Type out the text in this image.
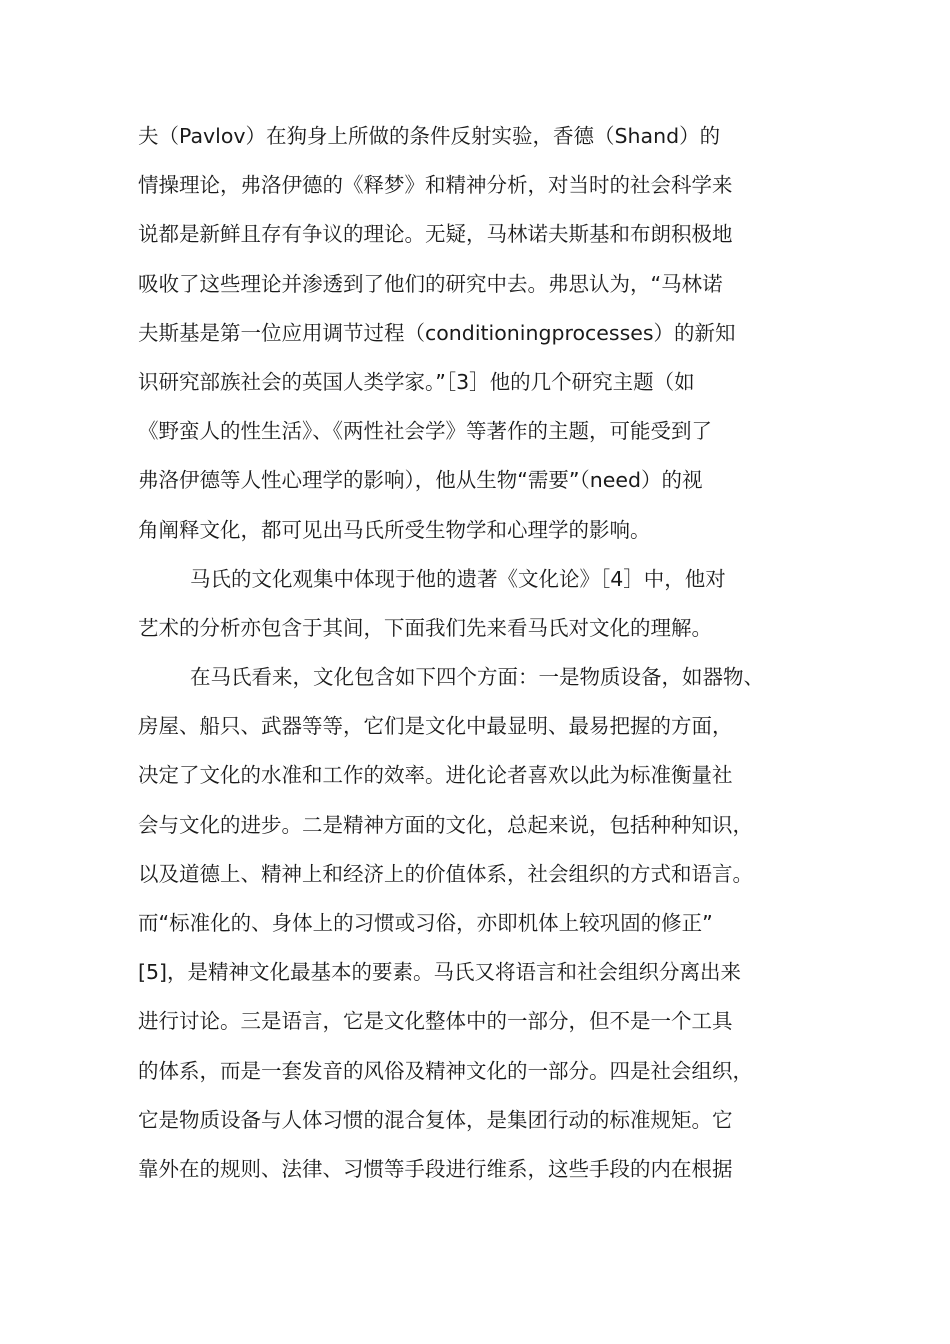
夫（Pavlov）在狗身上所做的条件反射实验，香德（Shand）的
情操理论，弗洛伊德的《释梦》和精神分析，对当时的社会科学来
说都是新鲜且存有争议的理论。无疑，马林诺夫斯基和布朗积极地
吸收了这些理论并渗透到了他们的研究中去。弗思认为，“马林诺
夫斯基是第一位应用调节过程（conditioningprocesses）的新知
识研究部族社会的英国人类学家。”［3］他的几个研究主题（如
《野蛮人的性生活》、《两性社会学》等著作的主题，可能受到了
弗洛伊德等人性心理学的影响），他从生物“需要”（need）的视
角阐释文化，都可见出马氏所受生物学和心理学的影响。
马氏的文化观集中体现于他的遗著《文化论》［4］中，他对
艺术的分析亦包含于其间，下面我们先来看马氏对文化的理解。
在马氏看来，文化包含如下四个方面：一是物质设备，如器物、
房屋、船只、武器等等，它们是文化中最显明、最易把握的方面，
决定了文化的水准和工作的效率。进化论者喜欢以此为标准衡量社
会与文化的进步。二是精神方面的文化，总起来说，包括种种知识，
以及道德上、精神上和经济上的价值体系，社会组织的方式和语言。
而“标准化的、身体上的习惯或习俗，亦即机体上较巩固的修正”
[5]，是精神文化最基本的要素。马氏又将语言和社会组织分离出来
进行讨论。三是语言，它是文化整体中的一部分，但不是一个工具
的体系，而是一套发音的风俗及精神文化的一部分。四是社会组织，
它是物质设备与人体习惯的混合复体，是集团行动的标准规矩。它
靠外在的规则、法律、习惯等手段进行维系，这些手段的内在根据
